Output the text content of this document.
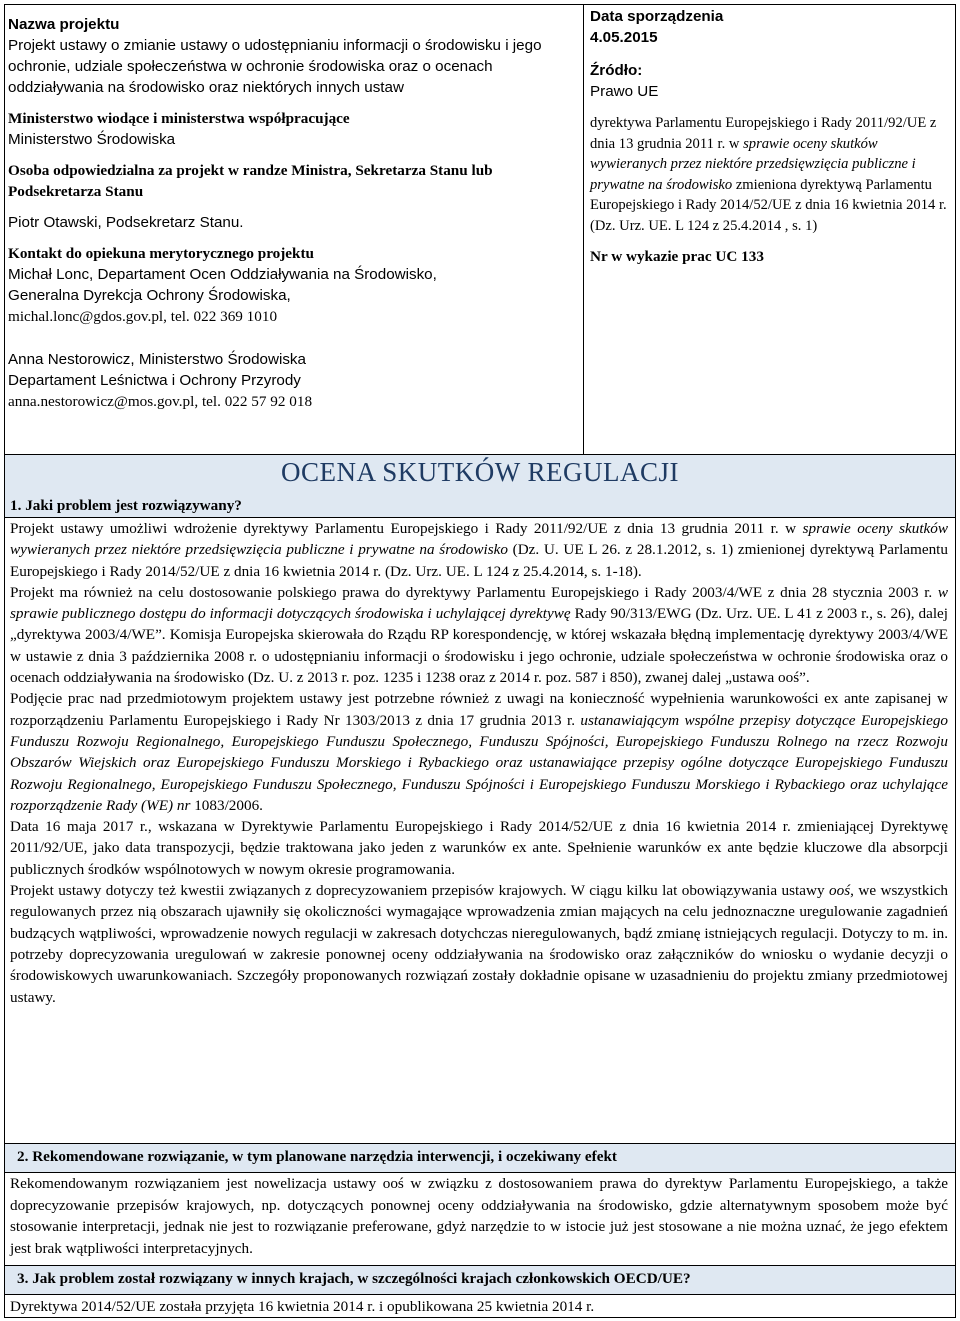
Nazwa projektu

Projekt ustawy o zmianie ustawy o udostępnianiu informacji o środowisku i jego ochronie, udziale społeczeństwa w ochronie środowiska oraz o ocenach oddziaływania na środowisko oraz niektórych innych ustaw

Ministerstwo wiodące i ministerstwa współpracujące

Ministerstwo Środowiska

Osoba odpowiedzialna za projekt w randze Ministra, Sekretarza Stanu lub Podsekretarza Stanu

Piotr Otawski, Podsekretarz Stanu.

Kontakt do opiekuna merytorycznego projektu

Michał Lonc, Departament Ocen Oddziaływania na Środowisko,

Generalna Dyrekcja Ochrony Środowiska,

michal.lonc@gdos.gov.pl, tel. 022 369 1010

Anna Nestorowicz, Ministerstwo Środowiska

Departament Leśnictwa i Ochrony Przyrody

anna.nestorowicz@mos.gov.pl, tel. 022 57 92 018

Data sporządzenia

4.05.2015

Źródło:

Prawo UE

dyrektywa Parlamentu Europejskiego i Rady 2011/92/UE z dnia 13 grudnia 2011 r. w sprawie oceny skutków wywieranych przez niektóre przedsięwzięcia publiczne i prywatne na środowisko zmieniona dyrektywą Parlamentu Europejskiego i Rady 2014/52/UE z dnia 16 kwietnia 2014 r. (Dz. Urz. UE. L 124 z 25.4.2014 , s. 1)

Nr w wykazie prac UC 133

OCENA SKUTKÓW REGULACJI
1. Jaki problem jest rozwiązywany?

Projekt ustawy umożliwi wdrożenie dyrektywy Parlamentu Europejskiego i Rady 2011/92/UE z dnia 13 grudnia 2011 r. w sprawie oceny skutków wywieranych przez niektóre przedsięwzięcia publiczne i prywatne na środowisko (Dz. U. UE L 26. z 28.1.2012, s. 1) zmienionej dyrektywą Parlamentu Europejskiego i Rady 2014/52/UE z dnia 16 kwietnia 2014 r. (Dz. Urz. UE. L 124 z 25.4.2014, s. 1-18).

Projekt ma również na celu dostosowanie polskiego prawa do dyrektywy Parlamentu Europejskiego i Rady 2003/4/WE z dnia 28 stycznia 2003 r. w sprawie publicznego dostępu do informacji dotyczących środowiska i uchylającej dyrektywę Rady 90/313/EWG (Dz. Urz. UE. L 41 z 2003 r., s. 26), dalej „dyrektywa 2003/4/WE”. Komisja Europejska skierowała do Rządu RP korespondencję, w której wskazała błędną implementację dyrektywy 2003/4/WE w ustawie z dnia 3 października 2008 r. o udostępnianiu informacji o środowisku i jego ochronie, udziale społeczeństwa w ochronie środowiska oraz o ocenach oddziaływania na środowisko (Dz. U. z 2013 r. poz. 1235 i 1238 oraz z 2014 r. poz. 587 i 850), zwanej dalej „ustawa ooś”.

Podjęcie prac nad przedmiotowym projektem ustawy jest potrzebne również z uwagi na konieczność wypełnienia warunkowości ex ante zapisanej w rozporządzeniu Parlamentu Europejskiego i Rady Nr 1303/2013 z dnia 17 grudnia 2013 r. ustanawiającym wspólne przepisy dotyczące Europejskiego Funduszu Rozwoju Regionalnego, Europejskiego Funduszu Społecznego, Funduszu Spójności, Europejskiego Funduszu Rolnego na rzecz Rozwoju Obszarów Wiejskich oraz Europejskiego Funduszu Morskiego i Rybackiego oraz ustanawiające przepisy ogólne dotyczące Europejskiego Funduszu Rozwoju Regionalnego, Europejskiego Funduszu Społecznego, Funduszu Spójności i Europejskiego Funduszu Morskiego i Rybackiego oraz uchylające rozporządzenie Rady (WE) nr 1083/2006.

Data 16 maja 2017 r., wskazana w Dyrektywie Parlamentu Europejskiego i Rady 2014/52/UE z dnia 16 kwietnia 2014 r. zmieniającej Dyrektywę 2011/92/UE, jako data transpozycji, będzie traktowana jako jeden z warunków ex ante. Spełnienie warunków ex ante będzie kluczowe dla absorpcji publicznych środków wspólnotowych w nowym okresie programowania.

Projekt ustawy dotyczy też kwestii związanych z doprecyzowaniem przepisów krajowych. W ciągu kilku lat obowiązywania ustawy ooś, we wszystkich regulowanych przez nią obszarach ujawniły się okoliczności wymagające wprowadzenia zmian mających na celu jednoznaczne uregulowanie zagadnień budzących wątpliwości, wprowadzenie nowych regulacji w zakresach dotychczas nieregulowanych, bądź zmianę istniejących regulacji. Dotyczy to m. in. potrzeby doprecyzowania uregulowań w zakresie ponownej oceny oddziaływania na środowisko oraz załączników do wniosku o wydanie decyzji o środowiskowych uwarunkowaniach. Szczegóły proponowanych rozwiązań zostały dokładnie opisane w uzasadnieniu do projektu zmiany przedmiotowej ustawy.

2. Rekomendowane rozwiązanie, w tym planowane narzędzia interwencji, i oczekiwany efekt
Rekomendowanym rozwiązaniem jest nowelizacja ustawy ooś w związku z dostosowaniem prawa do dyrektyw Parlamentu Europejskiego, a także doprecyzowanie przepisów krajowych, np. dotyczących ponownej oceny oddziaływania na środowisko, gdzie alternatywnym sposobem może być stosowanie interpretacji, jednak nie jest to rozwiązanie preferowane, gdyż narzędzie to w istocie już jest stosowane a nie można uznać, że jego efektem jest brak wątpliwości interpretacyjnych.
3. Jak problem został rozwiązany w innych krajach, w szczególności krajach członkowskich OECD/UE?
Dyrektywa 2014/52/UE została przyjęta 16 kwietnia 2014 r. i opublikowana 25 kwietnia 2014 r.
